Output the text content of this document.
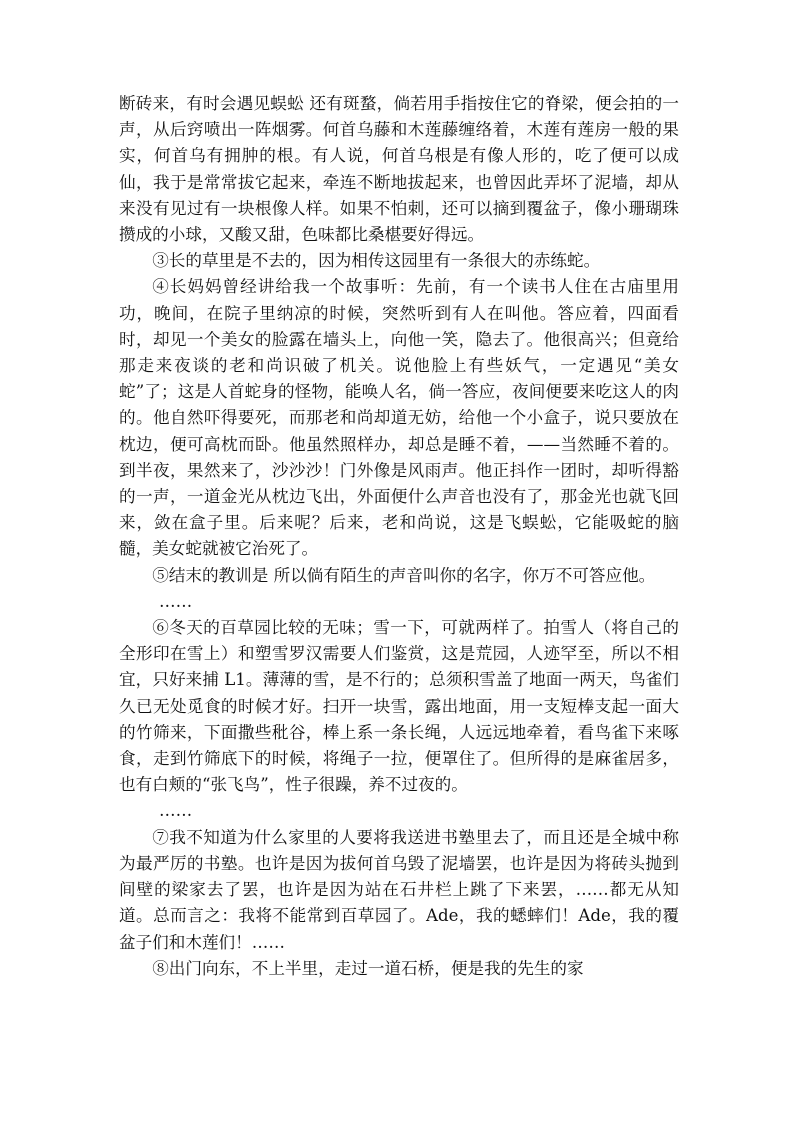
断砖来，有时会遇见蜈蚣 还有斑蝥，倘若用手指按住它的脊梁，便会拍的一声，从后窍喷出一阵烟雾。何首乌藤和木莲藤缠络着，木莲有莲房一般的果实，何首乌有拥肿的根。有人说，何首乌根是有像人形的，吃了便可以成仙，我于是常常拔它起来，牵连不断地拔起来，也曾因此弄坏了泥墙，却从来没有见过有一块根像人样。如果不怕刺，还可以摘到覆盆子，像小珊瑚珠攒成的小球，又酸又甜，色味都比桑椹要好得远。

③长的草里是不去的，因为相传这园里有一条很大的赤练蛇。

④长妈妈曾经讲给我一个故事听：先前，有一个读书人住在古庙里用功，晚间，在院子里纳凉的时候，突然听到有人在叫他。答应着，四面看时，却见一个美女的脸露在墙头上，向他一笑，隐去了。他很高兴；但竟给那走来夜谈的老和尚识破了机关。说他脸上有些妖气，一定遇见“美女蛇”了；这是人首蛇身的怪物，能唤人名，倘一答应，夜间便要来吃这人的肉的。他自然吓得要死，而那老和尚却道无妨，给他一个小盒子，说只要放在枕边，便可高枕而卧。他虽然照样办，却总是睡不着，——当然睡不着的。到半夜，果然来了，沙沙沙！门外像是风雨声。他正抖作一团时，却听得豁的一声，一道金光从枕边飞出，外面便什么声音也没有了，那金光也就飞回来，敛在盒子里。后来呢？后来，老和尚说，这是飞蜈蚣，它能吸蛇的脑髓，美女蛇就被它治死了。

⑤结末的教训是 所以倘有陌生的声音叫你的名字，你万不可答应他。

……

⑥冬天的百草园比较的无味；雪一下，可就两样了。拍雪人（将自己的全形印在雪上）和塑雪罗汉需要人们鉴赏，这是荒园，人迹罕至，所以不相宜，只好来捕 L1。薄薄的雪，是不行的；总须积雪盖了地面一两天，鸟雀们久已无处觅食的时候才好。扫开一块雪，露出地面，用一支短棒支起一面大的竹筛来，下面撒些秕谷，棒上系一条长绳，人远远地牵着，看鸟雀下来啄食，走到竹筛底下的时候，将绳子一拉，便罩住了。但所得的是麻雀居多，也有白颊的“张飞鸟”，性子很躁，养不过夜的。

……

⑦我不知道为什么家里的人要将我送进书塾里去了，而且还是全城中称为最严厉的书塾。也许是因为拔何首乌毁了泥墙罢，也许是因为将砖头抛到间壁的梁家去了罢，也许是因为站在石井栏上跳了下来罢，……都无从知道。总而言之：我将不能常到百草园了。Ade，我的蟋蟀们！Ade，我的覆盆子们和木莲们！……

⑧出门向东，不上半里，走过一道石桥，便是我的先生的家
